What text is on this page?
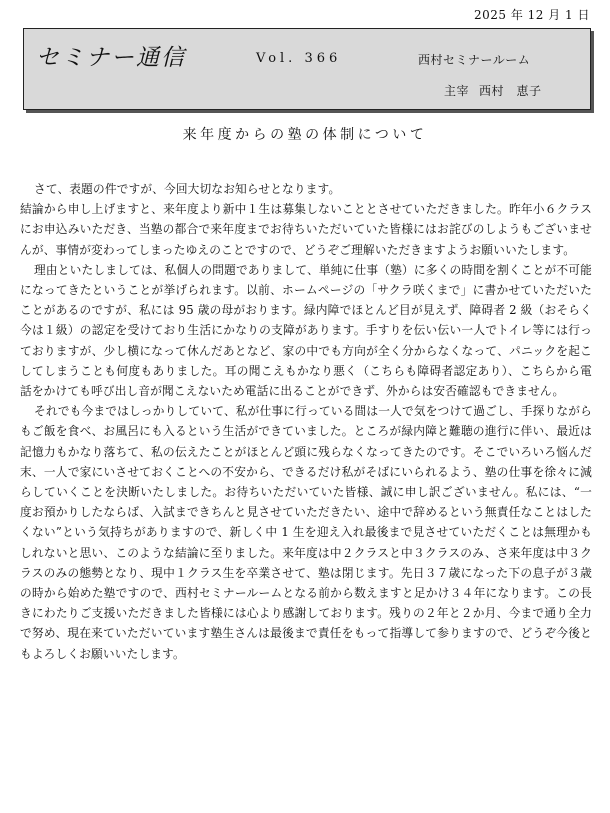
2025 年 12 月 1 日
セミナー通信	Vol. 366	西村セミナールーム
主宰 西村　恵子
来年度からの塾の体制について

さて、表題の件ですが、今回大切なお知らせとなります。

結論から申し上げますと、来年度より新中１生は募集しないこととさせていただきました。昨年小６クラスにお申込みいただき、当塾の都合で来年度までお待ちいただいていた皆様にはお詫びのしようもございませんが、事情が変わってしまったゆえのことですので、どうぞご理解いただきますようお願いいたします。

理由といたしましては、私個人の問題でありまして、単純に仕事（塾）に多くの時間を割くことが不可能になってきたということが挙げられます。以前、ホームページの「サクラ咲くまで」に書かせていただいたことがあるのですが、私には 95 歳の母がおります。緑内障でほとんど目が見えず、障碍者 2 級（おそらく今は１級）の認定を受けており生活にかなりの支障があります。手すりを伝い伝い一人でトイレ等には行っておりますが、少し横になって休んだあとなど、家の中でも方向が全く分からなくなって、パニックを起こしてしまうことも何度もありました。耳の聞こえもかなり悪く（こちらも障碍者認定あり）、こちらから電話をかけても呼び出し音が聞こえないため電話に出ることができず、外からは安否確認もできません。

それでも今まではしっかりしていて、私が仕事に行っている間は一人で気をつけて過ごし、手探りながらもご飯を食べ、お風呂にも入るという生活ができていました。ところが緑内障と難聴の進行に伴い、最近は記憶力もかなり落ちて、私の伝えたことがほとんど頭に残らなくなってきたのです。そこでいろいろ悩んだ末、一人で家にいさせておくことへの不安から、できるだけ私がそばにいられるよう、塾の仕事を徐々に減らしていくことを決断いたしました。お待ちいただいていた皆様、誠に申し訳ございません。私には、“一度お預かりしたならば、入試まできちんと見させていただきたい、途中で辞めるという無責任なことはしたくない”という気持ちがありますので、新しく中 1 生を迎え入れ最後まで見させていただくことは無理かもしれないと思い、このような結論に至りました。来年度は中２クラスと中３クラスのみ、さ来年度は中３クラスのみの態勢となり、現中１クラス生を卒業させて、塾は閉じます。先日３７歳になった下の息子が３歳の時から始めた塾ですので、西村セミナールームとなる前から数えますと足かけ３４年になります。この長きにわたりご支援いただきました皆様には心より感謝しております。残りの２年と２か月、今まで通り全力で努め、現在来ていただいています塾生さんは最後まで責任をもって指導して参りますので、どうぞ今後ともよろしくお願いいたします。
